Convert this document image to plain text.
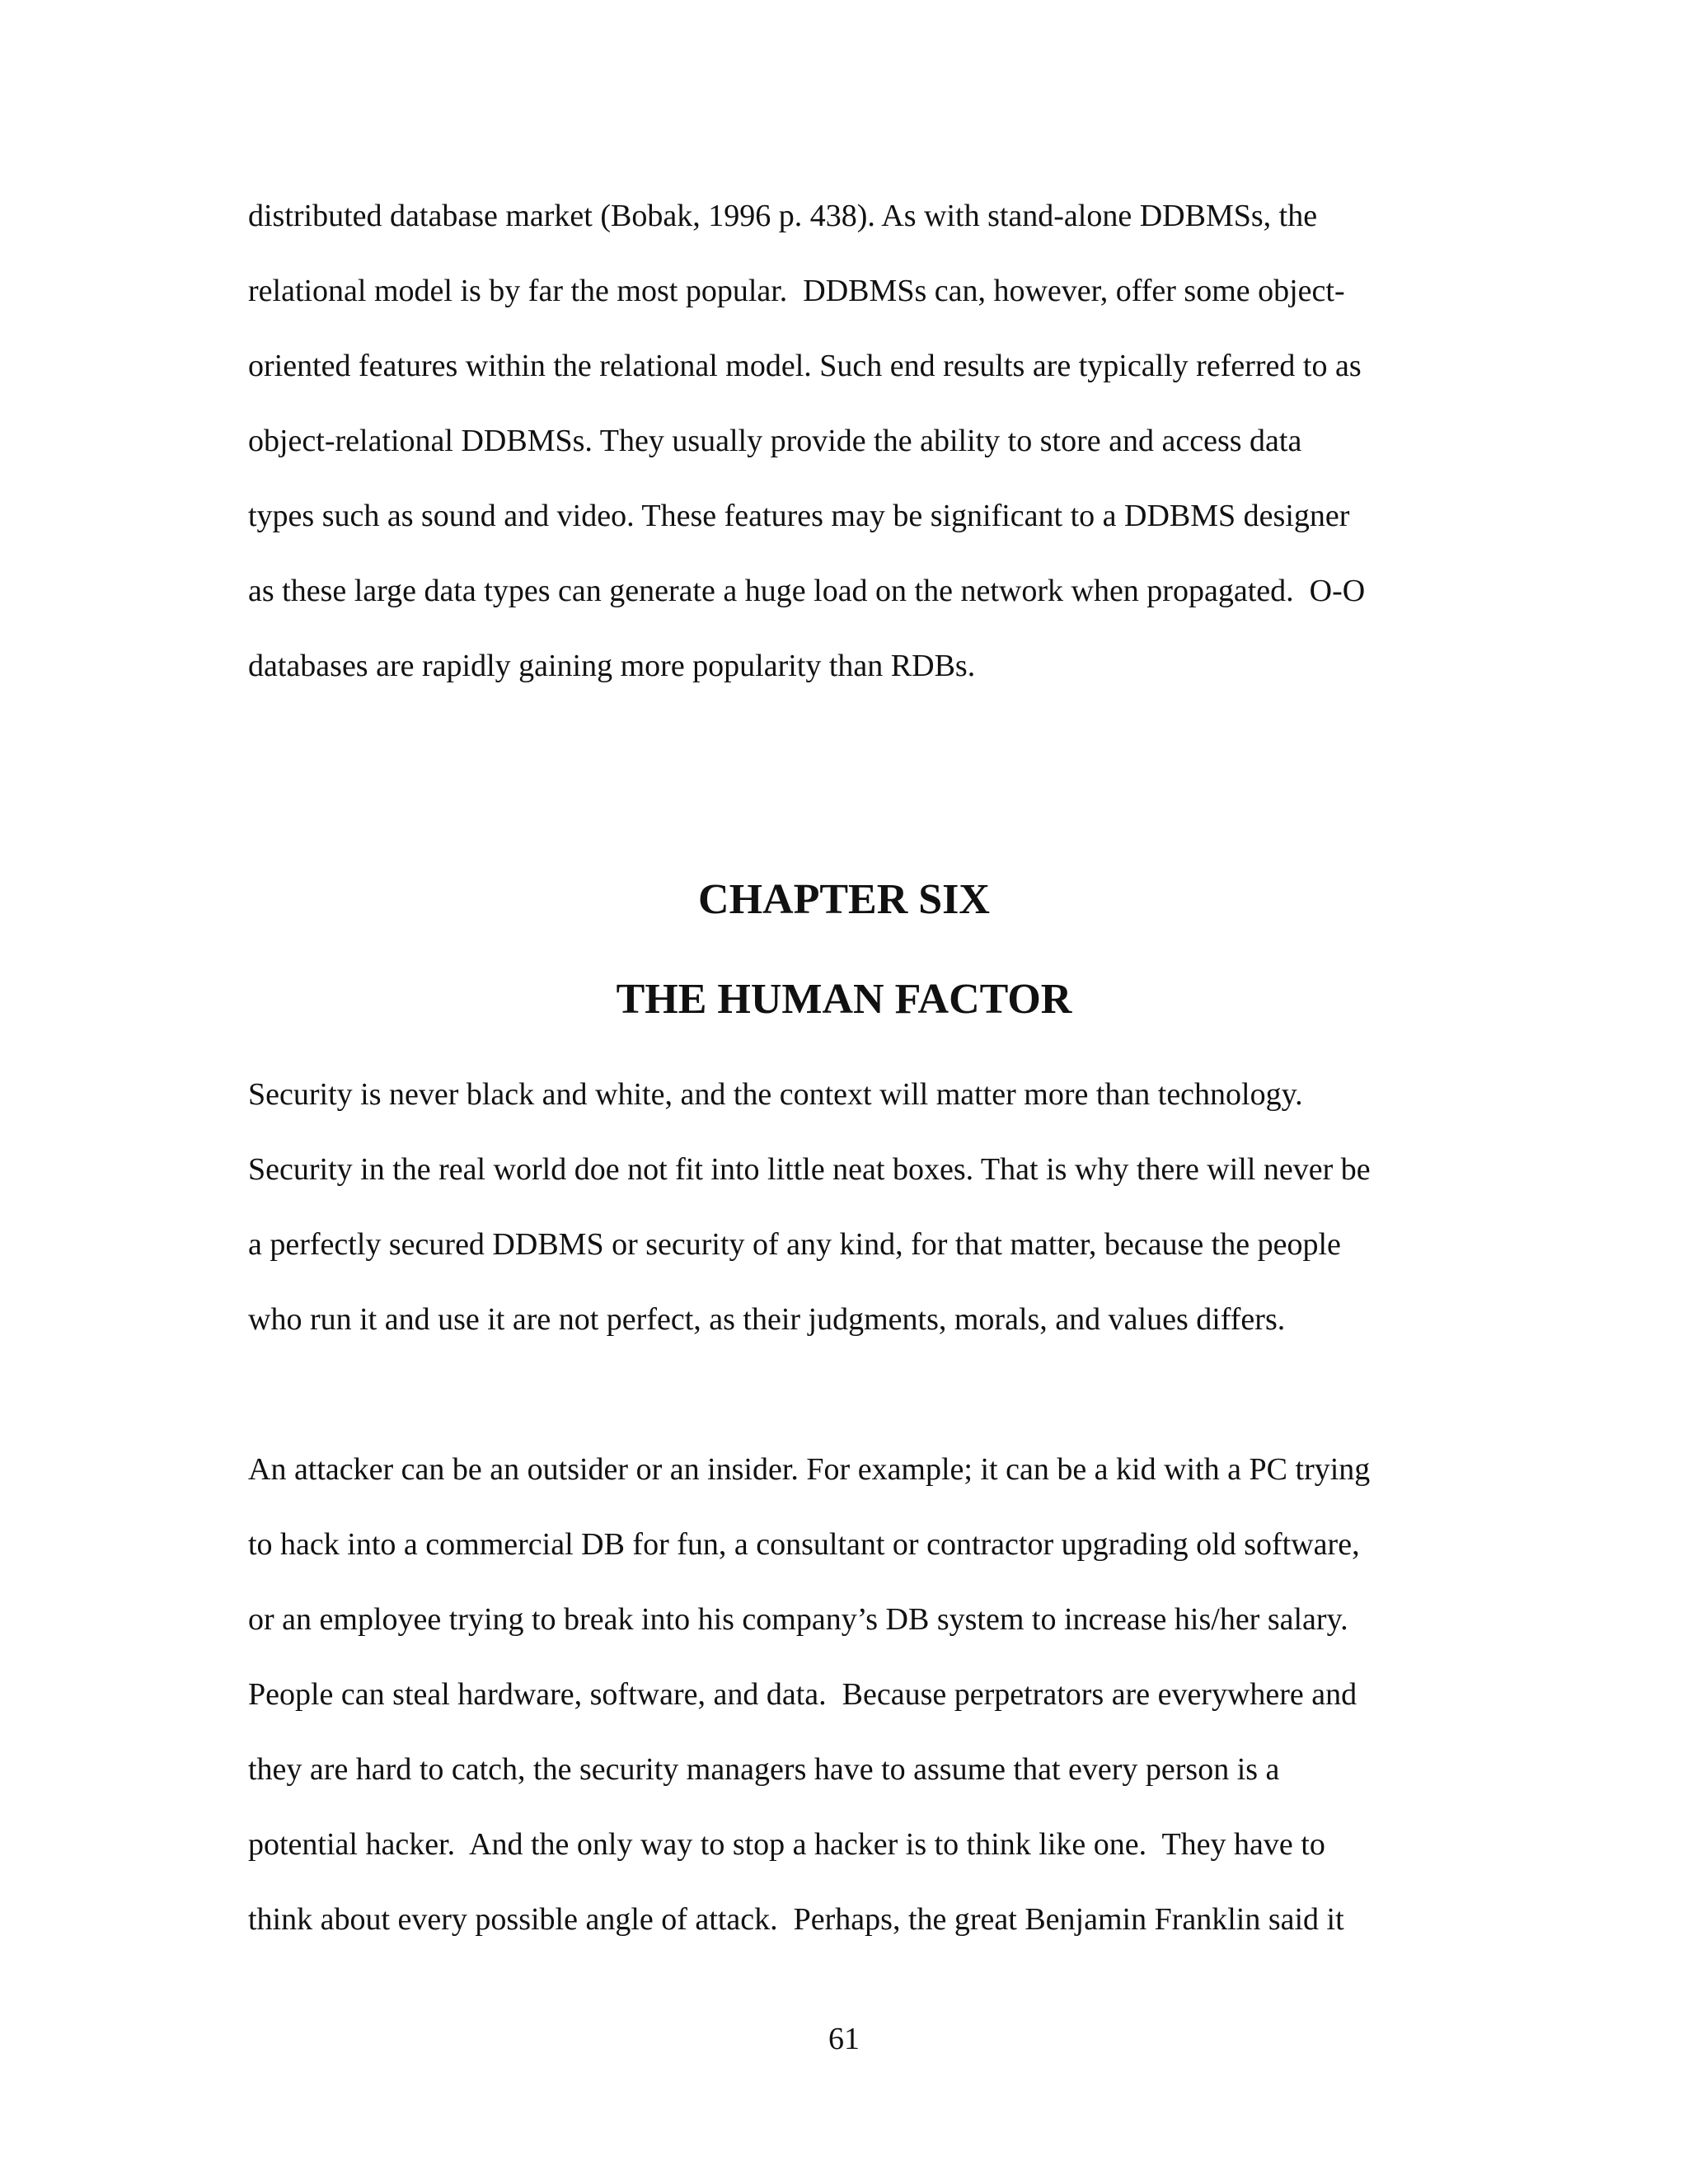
distributed database market (Bobak, 1996 p. 438). As with stand-alone DDBMSs, the

relational model is by far the most popular.  DDBMSs can, however, offer some object-

oriented features within the relational model. Such end results are typically referred to as

object-relational DDBMSs. They usually provide the ability to store and access data

types such as sound and video. These features may be significant to a DDBMS designer

as these large data types can generate a huge load on the network when propagated.  O-O

databases are rapidly gaining more popularity than RDBs.

CHAPTER SIX
THE HUMAN FACTOR

Security is never black and white, and the context will matter more than technology.

Security in the real world doe not fit into little neat boxes. That is why there will never be

a perfectly secured DDBMS or security of any kind, for that matter, because the people

who run it and use it are not perfect, as their judgments, morals, and values differs.

An attacker can be an outsider or an insider. For example; it can be a kid with a PC trying

to hack into a commercial DB for fun, a consultant or contractor upgrading old software,

or an employee trying to break into his company’s DB system to increase his/her salary.

People can steal hardware, software, and data.  Because perpetrators are everywhere and

they are hard to catch, the security managers have to assume that every person is a

potential hacker.  And the only way to stop a hacker is to think like one.  They have to

think about every possible angle of attack.  Perhaps, the great Benjamin Franklin said it

61
